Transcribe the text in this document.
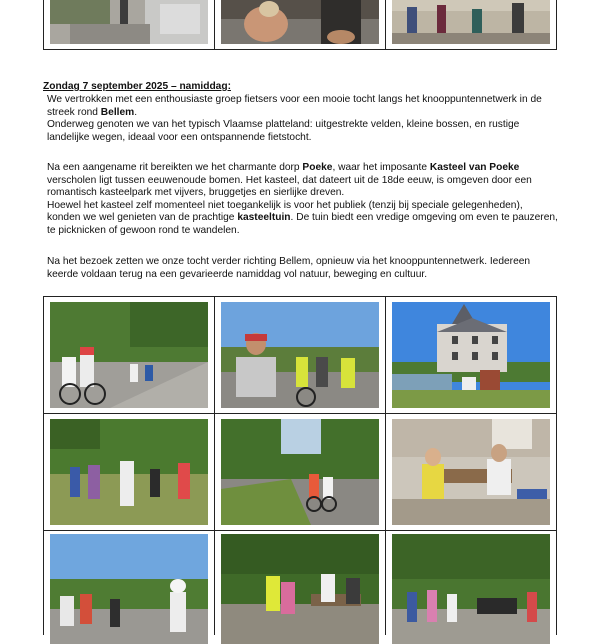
Zondag 7 september 2025 – namiddag:
We vertrokken met een enthousiaste groep fietsers voor een mooie tocht langs het knooppuntennetwerk in de
streek rond Bellem.
Onderweg genoten we van het typisch Vlaamse platteland: uitgestrekte velden, kleine bossen, en rustige
landelijke wegen, ideaal voor een ontspannende fietstocht.
Na een aangename rit bereikten we het charmante dorp Poeke, waar het imposante Kasteel van Poeke
verscholen ligt tussen eeuwenoude bomen. Het kasteel, dat dateert uit de 18de eeuw, is omgeven door een
romantisch kasteelpark met vijvers, bruggetjes en sierlijke dreven.
Hoewel het kasteel zelf momenteel niet toegankelijk is voor het publiek (tenzij bij speciale gelegenheden),
konden we wel genieten van de prachtige kasteeltuin. De tuin biedt een vredige omgeving om even te pauzeren,
te picknicken of gewoon rond te wandelen.
Na het bezoek zetten we onze tocht verder richting Bellem, opnieuw via het knooppuntennetwerk. Iedereen
keerde voldaan terug na een gevarieerde namiddag vol natuur, beweging en cultuur.
